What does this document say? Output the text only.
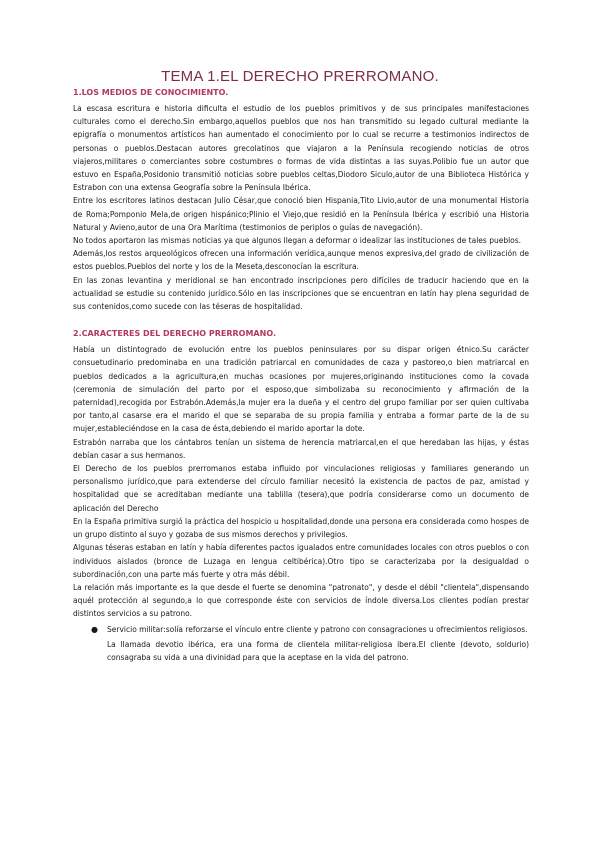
TEMA 1.EL DERECHO PRERROMANO.
1.LOS MEDIOS DE CONOCIMIENTO.

La escasa escritura e historia dificulta el estudio de los pueblos primitivos y de sus principales manifestaciones culturales como el derecho.Sin embargo,aquellos pueblos que nos han transmitido su legado cultural mediante la epigrafía o monumentos artísticos han aumentado el conocimiento por lo cual se recurre a testimonios indirectos de personas o pueblos.Destacan autores grecolatinos que viajaron a la Península recogiendo noticias de otros viajeros,militares o comerciantes sobre costumbres o formas de vida distintas a las suyas.Polibio fue un autor que estuvo en España,Posidonio transmitió noticias sobre pueblos celtas,Diodoro Siculo,autor de una Biblioteca Histórica y Estrabon con una extensa Geografía sobre la Península Ibérica.

Entre los escritores latinos destacan Julio César,que conoció bien Hispania,Tito Livio,autor de una monumental Historia de Roma;Pomponio Mela,de origen hispánico;Plinio el Viejo,que residió en la Península Ibérica y escribió una Historia Natural y Avieno,autor de una Ora Marítima (testimonios de periplos o guías de navegación).

No todos aportaron las mismas noticias ya que algunos llegan a deformar o idealizar las instituciones de tales pueblos.

Además,los restos arqueológicos ofrecen una información verídica,aunque menos expresiva,del grado de civilización de estos pueblos.Pueblos del norte y los de la Meseta,desconocían la escritura.

En las zonas levantina y meridional se han encontrado inscripciones pero difíciles de traducir haciendo que en la actualidad se estudie su contenido jurídico.Sólo en las inscripciones que se encuentran en latín hay plena seguridad de sus contenidos,como sucede con las téseras de hospitalidad.

2.CARACTERES DEL DERECHO PRERROMANO.

Había un distintogrado de evolución entre los pueblos peninsulares por su dispar origen étnico.Su carácter consuetudinario predominaba en una tradición patriarcal en comunidades de caza y pastoreo,o bien matriarcal en pueblos dedicados a la agricultura,en muchas ocasiones por mujeres,originando instituciones como la covada (ceremonia de simulación del parto por el esposo,que simbolizaba su reconocimiento y afirmación de la paternidad),recogida por Estrabón.Además,la mujer era la dueña y el centro del grupo familiar por ser quien cultivaba por tanto,al casarse era el marido el que se separaba de su propia familia y entraba a formar parte de la de su mujer,estableciéndose en la casa de ésta,debiendo el marido aportar la dote.

Estrabón narraba que los cántabros tenían un sistema de herencia matriarcal,en el que heredaban las hijas, y éstas debían casar a sus hermanos.

El Derecho de los pueblos prerromanos estaba influido por vinculaciones religiosas y familiares generando un personalismo jurídico,que para extenderse del círculo familiar necesitó la existencia de pactos de paz, amistad y hospitalidad que se acreditaban mediante una tablilla (tesera),que podría considerarse como un documento de aplicación del Derecho

En la España primitiva surgió la práctica del hospicio u hospitalidad,donde una persona era considerada como hospes de un grupo distinto al suyo y gozaba de sus mismos derechos y privilegios.

Algunas téseras estaban en latín y había diferentes pactos igualados entre comunidades locales con otros pueblos o con individuos aislados (bronce de Luzaga en lengua celtibérica).Otro tipo se caracterizaba por la desigualdad o subordinación,con una parte más fuerte y otra más débil.

La relación más importante es la que desde el fuerte se denomina "patronato", y desde el débil "clientela",dispensando aquél protección al segundo,a lo que corresponde éste con servicios de índole diversa.Los clientes podían prestar distintos servicios a su patrono.

● Servicio militar:solía reforzarse el vínculo entre cliente y patrono con consagraciones u ofrecimientos religiosos.

La llamada devotio ibérica, era una forma de clientela militar-religiosa ibera.El cliente (devoto, soldurio) consagraba su vida a una divinidad para que la aceptase en la vida del patrono.
